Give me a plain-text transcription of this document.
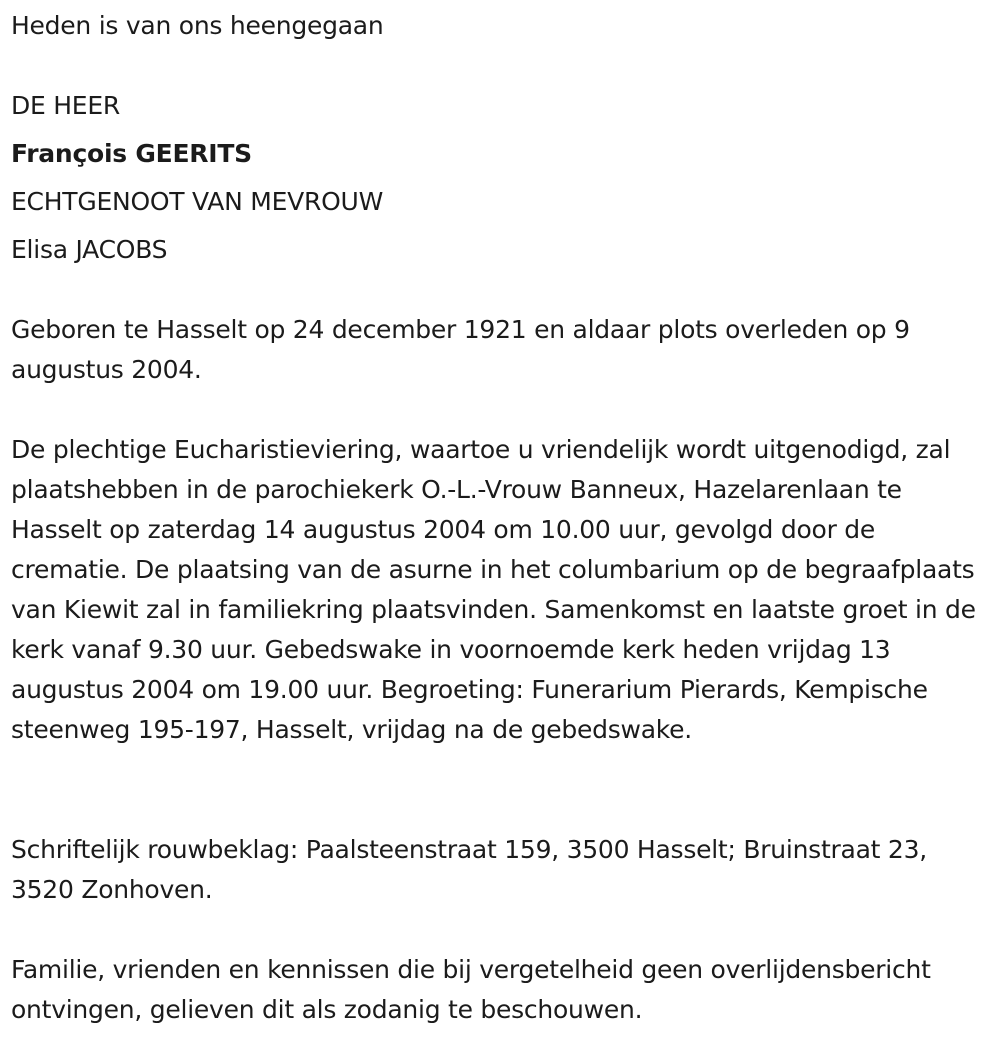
Heden is van ons heengegaan

DE HEER

François GEERITS

ECHTGENOOT VAN MEVROUW

Elisa JACOBS

Geboren te Hasselt op 24 december 1921 en aldaar plots overleden op 9 augustus 2004.

De plechtige Eucharistieviering, waartoe u vriendelijk wordt uitgenodigd, zal plaatshebben in de parochiekerk O.-L.-Vrouw Banneux, Hazelarenlaan te Hasselt op zaterdag 14 augustus 2004 om 10.00 uur, gevolgd door de crematie. De plaatsing van de asurne in het columbarium op de begraafplaats van Kiewit zal in familiekring plaatsvinden. Samenkomst en laatste groet in de kerk vanaf 9.30 uur. Gebedswake in voornoemde kerk heden vrijdag 13 augustus 2004 om 19.00 uur. Begroeting: Funerarium Pierards, Kempische steenweg 195-197, Hasselt, vrijdag na de gebedswake.

Schriftelijk rouwbeklag: Paalsteenstraat 159, 3500 Hasselt; Bruinstraat 23, 3520 Zonhoven.

Familie, vrienden en kennissen die bij vergetelheid geen overlijdensbericht ontvingen, gelieven dit als zodanig te beschouwen.
